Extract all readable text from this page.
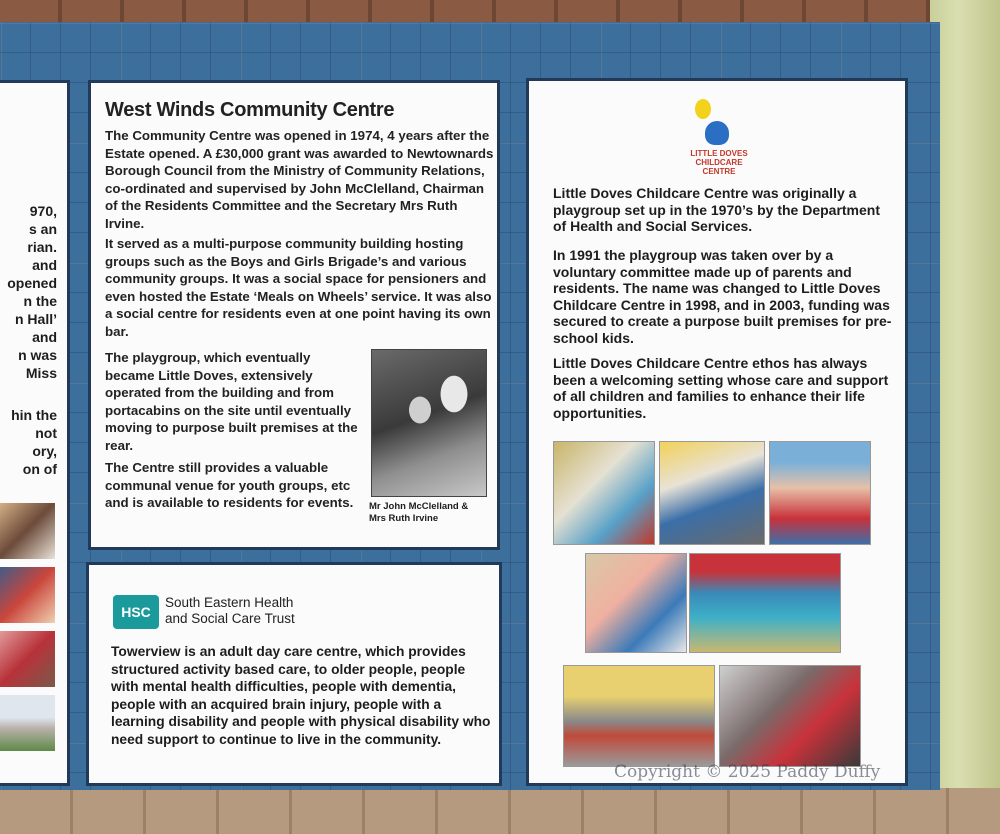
970,
s an
rian.
and
opened
n the
n Hall’
and
n was
Miss
hin the
not
ory,
on of
West Winds Community Centre
The Community Centre was opened in 1974, 4 years after the Estate opened. A £30,000 grant was awarded to Newtownards Borough Council from the Ministry of Community Relations, co-ordinated and supervised by John McClelland, Chairman of the Residents Committee and the Secretary Mrs Ruth Irvine.
It served as a multi-purpose community building hosting groups such as the Boys and Girls Brigade’s and various community groups. It was a social space for pensioners and even hosted the Estate ‘Meals on Wheels’ service. It was also a social centre for residents even at one point having its own bar.
The playgroup, which eventually became Little Doves, extensively operated from the building and from portacabins on the site until eventually moving to purpose built premises at the rear.
The Centre still provides a valuable communal venue for youth groups, etc and is available to residents for events.	Mr John McClelland & Mrs Ruth Irvine
HSC
South Eastern Health
and Social Care Trust
Towerview is an adult day care centre, which provides structured activity based care, to older people, people with mental health difficulties, people with dementia, people with an acquired brain injury, people with a learning disability and people with physical disability who need support to continue to live in the community.
LITTLE DOVES
CHILDCARE CENTRE
Little Doves Childcare Centre was originally a playgroup set up in the 1970’s by the Department of Health and Social Services.
In 1991 the playgroup was taken over by a voluntary committee made up of parents and residents. The name was changed to Little Doves Childcare Centre in 1998, and in 2003, funding was secured to create a purpose built premises for pre-school kids.
Little Doves Childcare Centre ethos has always been a welcoming setting whose care and support of all children and families to enhance their life opportunities.
Copyright © 2025 Paddy Duffy
